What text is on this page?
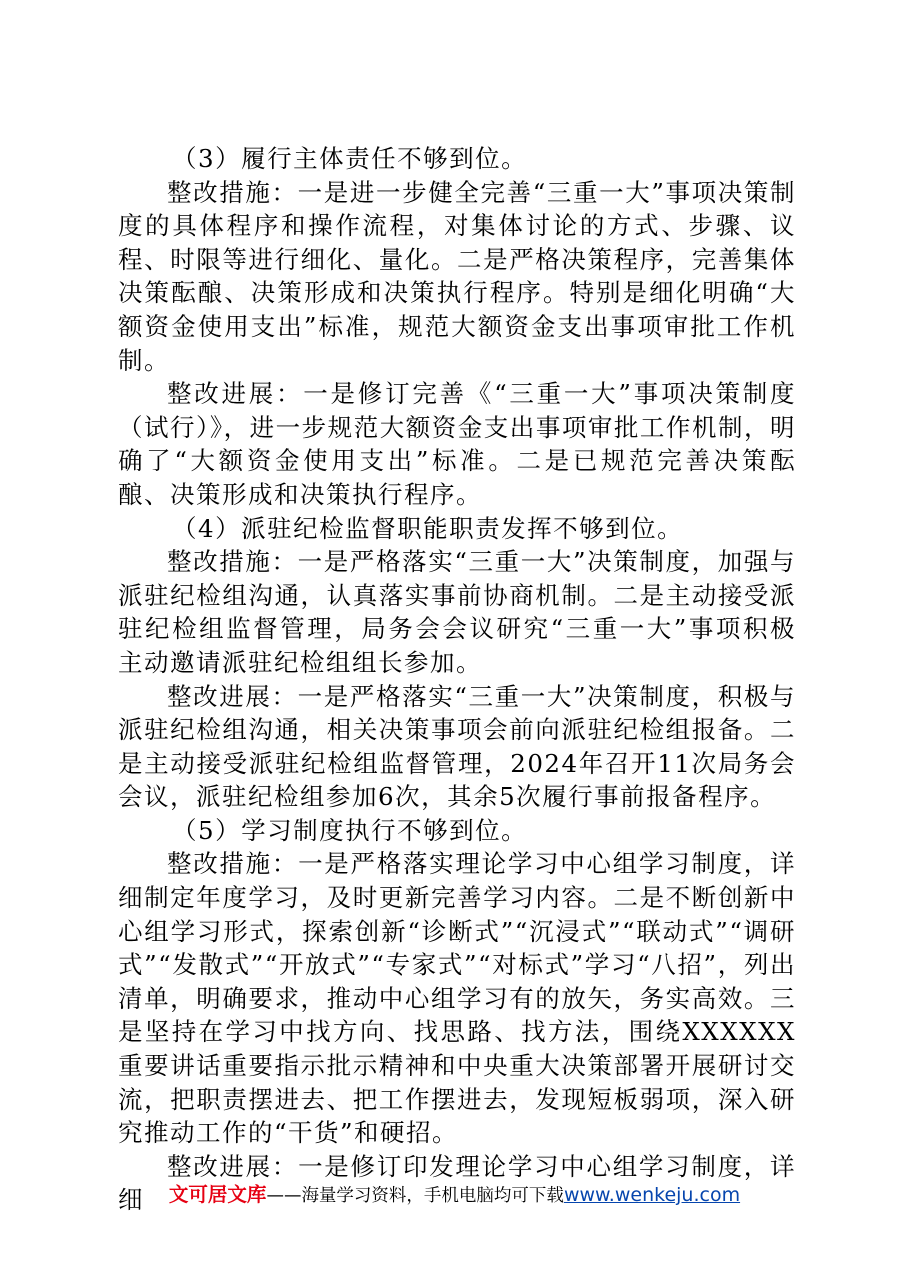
（3）履行主体责任不够到位。

整改措施：一是进一步健全完善“三重一大”事项决策制度的具体程序和操作流程，对集体讨论的方式、步骤、议程、时限等进行细化、量化。二是严格决策程序，完善集体决策酝酿、决策形成和决策执行程序。特别是细化明确“大额资金使用支出”标准，规范大额资金支出事项审批工作机制。

整改进展：一是修订完善《“三重一大”事项决策制度（试行）》，进一步规范大额资金支出事项审批工作机制，明确了“大额资金使用支出”标准。二是已规范完善决策酝酿、决策形成和决策执行程序。

（4）派驻纪检监督职能职责发挥不够到位。

整改措施：一是严格落实“三重一大”决策制度，加强与派驻纪检组沟通，认真落实事前协商机制。二是主动接受派驻纪检组监督管理，局务会会议研究“三重一大”事项积极主动邀请派驻纪检组组长参加。

整改进展：一是严格落实“三重一大”决策制度，积极与派驻纪检组沟通，相关决策事项会前向派驻纪检组报备。二是主动接受派驻纪检组监督管理，2024年召开11次局务会会议，派驻纪检组参加6次，其余5次履行事前报备程序。

（5）学习制度执行不够到位。

整改措施：一是严格落实理论学习中心组学习制度，详细制定年度学习，及时更新完善学习内容。二是不断创新中心组学习形式，探索创新“诊断式”“沉浸式”“联动式”“调研式”“发散式”“开放式”“专家式”“对标式”学习“八招”，列出清单，明确要求，推动中心组学习有的放矢，务实高效。三是坚持在学习中找方向、找思路、找方法，围绕XXXXXX重要讲话重要指示批示精神和中央重大决策部署开展研讨交流，把职责摆进去、把工作摆进去，发现短板弱项，深入研究推动工作的“干货”和硬招。

整改进展：一是修订印发理论学习中心组学习制度，详细	文可居文库——海量学习资料，手机电脑均可下载www.wenkeju.com
